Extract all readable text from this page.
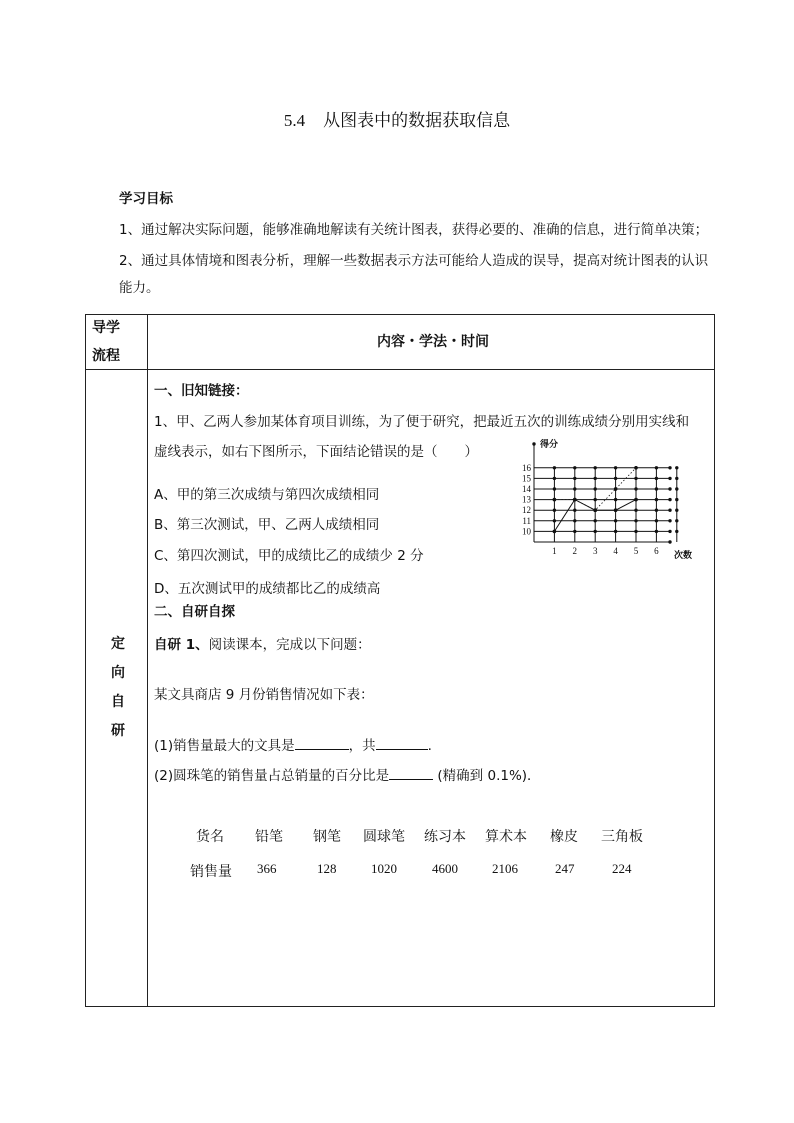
5.4 从图表中的数据获取信息
学习目标
1、通过解决实际问题，能够准确地解读有关统计图表，获得必要的、准确的信息，进行简单决策；
2、通过具体情境和图表分析，理解一些数据表示方法可能给人造成的误导，提高对统计图表的认识
能力。

导学
流程
内容・学法・时间
定
向
自
研
一、旧知链接：
1、甲、乙两人参加某体育项目训练，为了便于研究，把最近五次的训练成绩分别用实线和
虚线表示，如右下图所示，下面结论错误的是（　　）
A、甲的第三次成绩与第四次成绩相同
B、第三次测试，甲、乙两人成绩相同
C、第四次测试，甲的成绩比乙的成绩少 2 分
D、五次测试甲的成绩都比乙的成绩高
10
11
12
13
14
15
16
1 2 3 4 5 6
得分
次数
二、自研自探
自研 1、阅读课本，完成以下问题：
某文具商店 9 月份销售情况如下表：
(1)销售量最大的文具是	，共	.
(2)圆珠笔的销售量占总销量的百分比是	(精确到 0.1%)．
货名 铅笔 钢笔 圆球笔 练习本 算术本 橡皮 三角板
销售量 366	128	1020	4600	2106	247	224
